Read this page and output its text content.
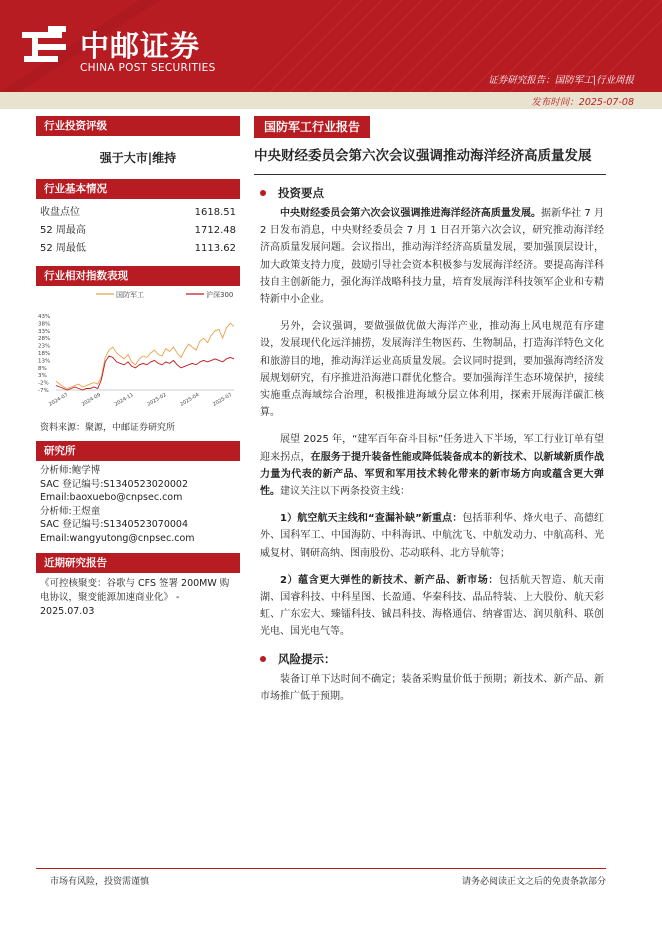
中邮证券
CHINA POST SECURITIES
证券研究报告：国防军工|行业周报
发布时间：2025-07-08
行业投资评级
强于大市|维持
行业基本情况
收盘点位	1618.51
52 周最高	1712.48
52 周最低	1113.62
行业相对指数表现
国防军工	沪深300
43%
38%
33%
28%
23%
18%
13%
8%
3%
-2%
-7%
2024-07 2024-09 2024-11 2025-02 2025-04 2025-07
资料来源：聚源，中邮证券研究所
研究所
分析师:鲍学博
SAC 登记编号:S1340523020002
Email:baoxuebo@cnpsec.com
分析师:王煜童
SAC 登记编号:S1340523070004
Email:wangyutong@cnpsec.com
近期研究报告
《可控核聚变：谷歌与 CFS 签署 200MW 购电协议，聚变能源加速商业化》 - 2025.07.03
国防军工行业报告
中央财经委员会第六次会议强调推动海洋经济高质量发展
投资要点

中央财经委员会第六次会议强调推进海洋经济高质量发展。据新华社 7 月 2 日发布消息，中央财经委员会 7 月 1 日召开第六次会议，研究推动海洋经济高质量发展问题。会议指出，推动海洋经济高质量发展，要加强顶层设计，加大政策支持力度，鼓励引导社会资本积极参与发展海洋经济。要提高海洋科技自主创新能力，强化海洋战略科技力量，培育发展海洋科技领军企业和专精特新中小企业。

另外，会议强调，要做强做优做大海洋产业，推动海上风电规范有序建设，发展现代化远洋捕捞，发展海洋生物医药、生物制品，打造海洋特色文化和旅游目的地，推动海洋运业高质量发展。会议同时提到，要加强海湾经济发展规划研究，有序推进沿海港口群优化整合。要加强海洋生态环境保护，接续实施重点海域综合治理，积极推进海域分层立体利用，探索开展海洋碳汇核算。

展望 2025 年，“建军百年奋斗目标”任务进入下半场，军工行业订单有望迎来拐点，在服务于提升装备性能或降低装备成本的新技术、以新域新质作战力量为代表的新产品、军贸和军用技术转化带来的新市场方向或蕴含更大弹性。建议关注以下两条投资主线：

1）航空航天主线和“查漏补缺”新重点：包括菲利华、烽火电子、高德红外、国科军工、中国海防、中科海讯、中航沈飞、中航发动力、中航高科、光威复材、钢研高纳、图南股份、芯动联科、北方导航等；

2）蕴含更大弹性的新技术、新产品、新市场：包括航天智造、航天南湖、国睿科技、中科星图、长盈通、华秦科技、晶品特装、上大股份、航天彩虹、广东宏大、臻镭科技、铖昌科技、海格通信、纳睿雷达、润贝航科、联创光电、国光电气等。

风险提示：

装备订单下达时间不确定；装备采购量价低于预期；新技术、新产品、新市场推广低于预期。

市场有风险，投资需谨慎	请务必阅读正文之后的免责条款部分
